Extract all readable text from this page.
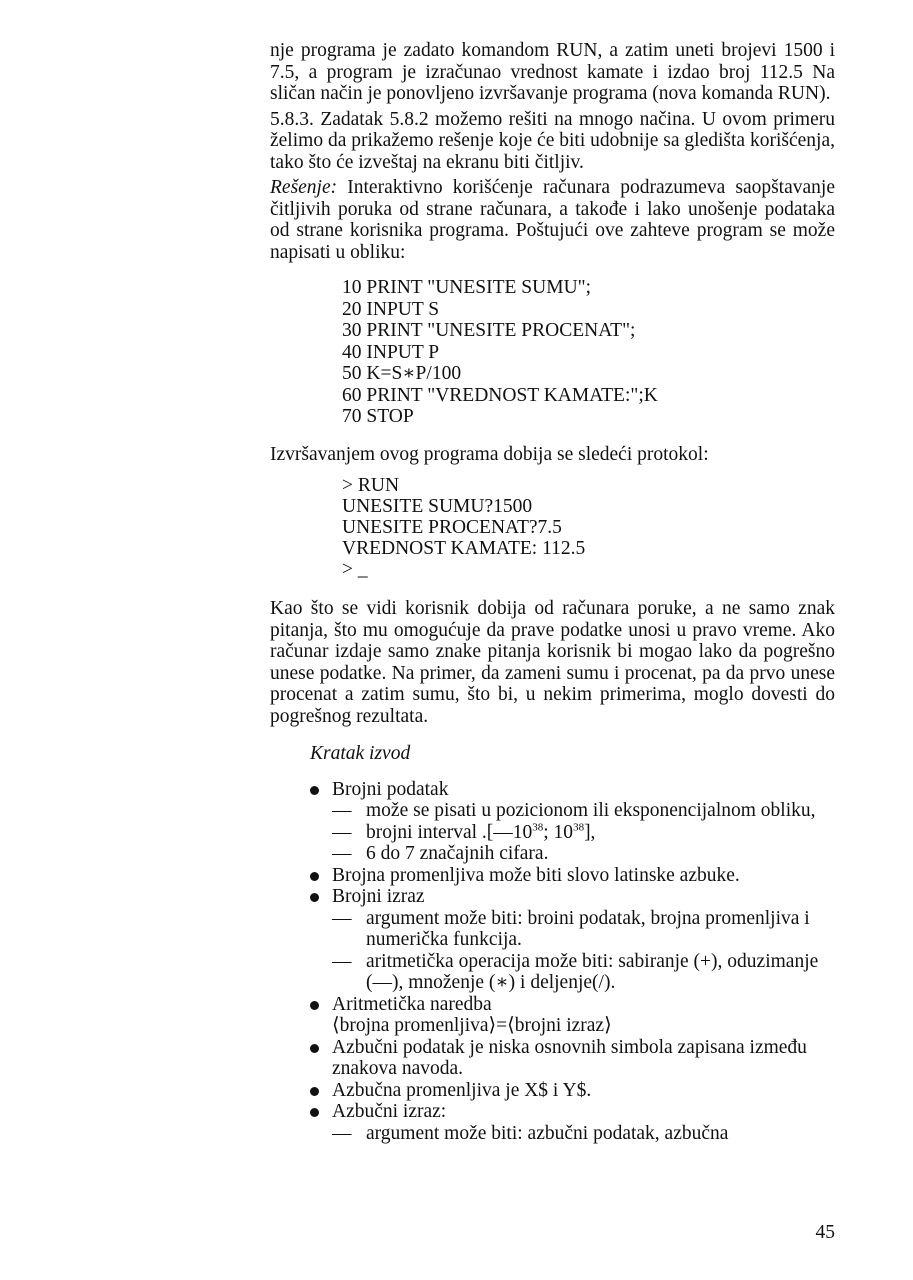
nje programa je zadato komandom RUN, a zatim uneti brojevi 1500 i 7.5, a program je izračunao vrednost kamate i izdao broj 112.5 Na sličan način je ponovljeno izvršavanje programa (nova komanda RUN).

5.8.3. Zadatak 5.8.2 možemo rešiti na mnogo načina. U ovom primeru želimo da prikažemo rešenje koje će biti udobnije sa gledišta korišćenja, tako što će izveštaj na ekranu biti čitljiv.

Rešenje: Interaktivno korišćenje računara podrazumeva saopštavanje čitljivih poruka od strane računara, a takođe i lako unošenje podataka od strane korisnika programa. Poštujući ove zahteve program se može napisati u obliku:

10 PRINT "UNESITE SUMU";
20 INPUT S
30 PRINT "UNESITE PROCENAT";
40 INPUT P
50 K=S∗P/100
60 PRINT "VREDNOST KAMATE:";K
70 STOP

Izvršavanjem ovog programa dobija se sledeći protokol:

> RUN
UNESITE SUMU?1500
UNESITE PROCENAT?7.5
VREDNOST KAMATE: 112.5
> _

Kao što se vidi korisnik dobija od računara poruke, a ne samo znak pitanja, što mu omogućuje da prave podatke unosi u pravo vreme. Ako računar izdaje samo znake pitanja korisnik bi mogao lako da pogrešno unese podatke. Na primer, da zameni sumu i procenat, pa da prvo unese procenat a zatim sumu, što bi, u nekim primerima, moglo dovesti do pogrešnog rezultata.

Kratak izvod
Brojni podatak
— može se pisati u pozicionom ili eksponencijalnom obliku,
— brojni interval $.[—10^{38}$; $10^{38}$],
— 6 do 7 značajnih cifara.
Brojna promenljiva može biti slovo latinske azbuke.
Brojni izraz
— argument može biti: broini podatak, brojna promenljiva i numerička funkcija.
— aritmetička operacija može biti: sabiranje (+), oduzimanje (—), množenje (∗) i deljenje(/).
Aritmetička naredba
⟨brojna promenljiva⟩=⟨brojni izraz⟩
Azbučni podatak je niska osnovnih simbola zapisana između znakova navoda.
Azbučna promenljiva je X$ i Y$.
Azbučni izraz:
— argument može biti: azbučni podatak, azbučna
45
